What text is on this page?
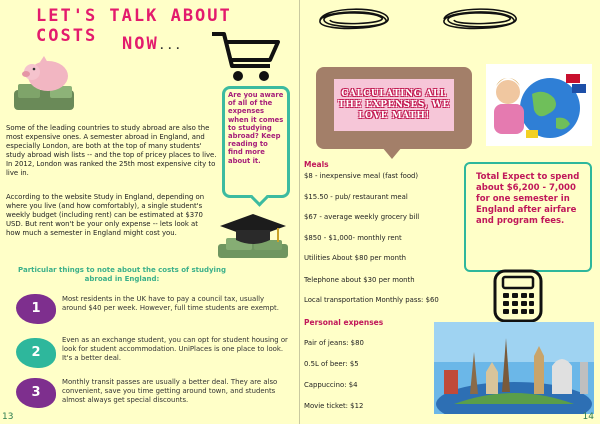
LET'S TALK ABOUT COSTS	NOW...
Are you aware of all of the expenses when it comes to studying abroad? Keep reading to find more about it.

Some of the leading countries to study abroad are also the most expensive ones. A semester abroad in England, and especially London, are both at the top of many students' study abroad wish lists -- and the top of pricey places to live. In 2012, London was ranked the 25th most expensive city to live in.

According to the website Study in England, depending on where you live (and how comfortably), a single student's weekly budget (including rent) can be estimated at $370 USD. But rent won't be your only expense -- lets look at how much a semester in England might cost you.

Particular things to note about the costs of studying abroad in England:
1

Most residents in the UK have to pay a council tax, usually around $40 per week. However, full time students are exempt.

2

Even as an exchange student, you can opt for student housing or look for student accommodation. UniPlaces is one place to look. It's a better deal.

3

Monthly transit passes are usually a better deal. They are also convenient, save you time getting around town, and students almost always get special discounts.

13
CALCULATING ALL THE EXPENSES, WE LOVE MATH!
Meals
$8 - inexpensive meal (fast food)
$15.50 - pub/ restaurant meal
$67 - average weekly grocery bill
$850 - $1,000- monthly rent
Utilities About $80 per month
Telephone about $30 per month
Local transportation Monthly pass: $60
Personal expenses
Pair of jeans: $80
0.5L of beer: $5
Cappuccino: $4
Movie ticket: $12
Total Expect to spend about $6,200 - 7,000 for one semester in England after airfare and program fees.
14
